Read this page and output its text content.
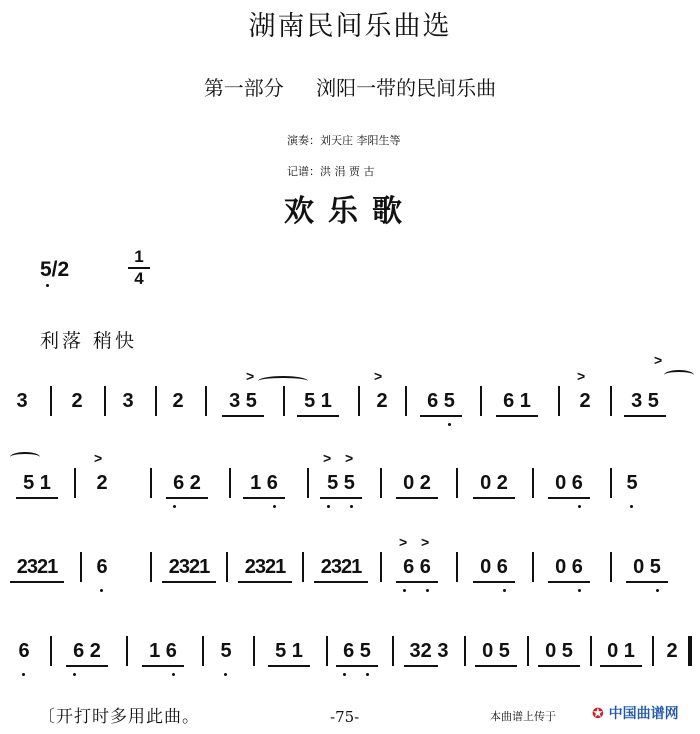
湖南民间乐曲选
第一部分 浏阳一带的民间乐曲
演奏：刘天庄 李阳生等
记谱：洪 涓 贾 古
欢乐歌
5/2
1
4
利落 稍快
3	2	3	2
>
3 5	5 1
>
2	6 5	6 1
>
2
>
3 5
5 1
>
2	6 2	1 6
> >
5 5	0 2	0 2	0 6	5
2321	6	2321	2321	2321
> >
6 6	0 6	0 6	0 5
6	6 2	1 6	5	5 1	6 5	32 3	0 5	0 5	0 1	2
〔开打时多用此曲。	-75-	本曲谱上传于	✪ 中国曲谱网
